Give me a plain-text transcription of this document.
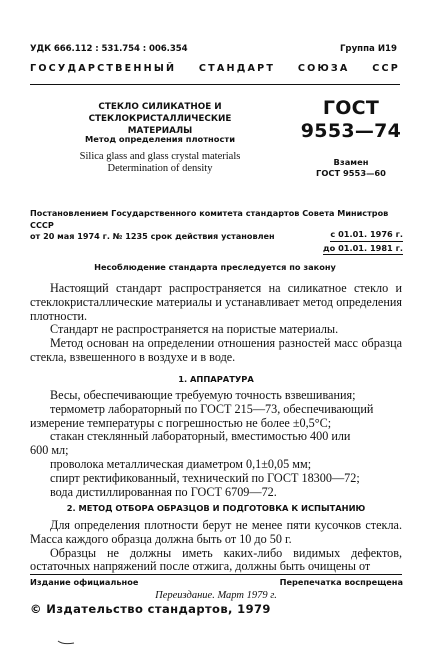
УДК 666.112 : 531.754 : 006.354	Группа И19
ГОСУДАРСТВЕННЫЙ СТАНДАРТ СОЮЗА ССР
СТЕКЛО СИЛИКАТНОЕ И СТЕКЛОКРИСТАЛЛИЧЕСКИЕ
МАТЕРИАЛЫ
Метод определения плотности
Silica glass and glass crystal materials
Determination of density
ГОСТ
9553—74
Взамен
ГОСТ 9553—60
Постановлением Государственного комитета стандартов Совета Министров СССР
от 20 мая 1974 г. № 1235 срок действия установлен	с 01.01. 1976 г.
до 01.01. 1981 г.
Несоблюдение стандарта преследуется по закону

Настоящий стандарт распространяется на силикатное стекло и стеклокристаллические материалы и устанавливает метод определения плотности.

Стандарт не распространяется на пористые материалы.

Метод основан на определении отношения разностей масс образца стекла, взвешенного в воздухе и в воде.

1. АППАРАТУРА

Весы, обеспечивающие требуемую точность взвешивания;

термометр лабораторный по ГОСТ 215—73, обеспечивающий

измерение температуры с погрешностью не более ±0,5°С;

стакан стеклянный лабораторный, вместимостью 400 или

600 мл;

проволока металлическая диаметром 0,1±0,05 мм;

спирт ректификованный, технический по ГОСТ 18300—72;

вода дистиллированная по ГОСТ 6709—72.

2. МЕТОД ОТБОРА ОБРАЗЦОВ И ПОДГОТОВКА К ИСПЫТАНИЮ

Для определения плотности берут не менее пяти кусочков стекла. Масса каждого образца должна быть от 10 до 50 г.

Образцы не должны иметь каких-либо видимых дефектов, остаточных напряжений после отжига, должны быть очищены от

Издание официальное	Перепечатка воспрещена
Переиздание. Март 1979 г.
© Издательство стандартов, 1979
